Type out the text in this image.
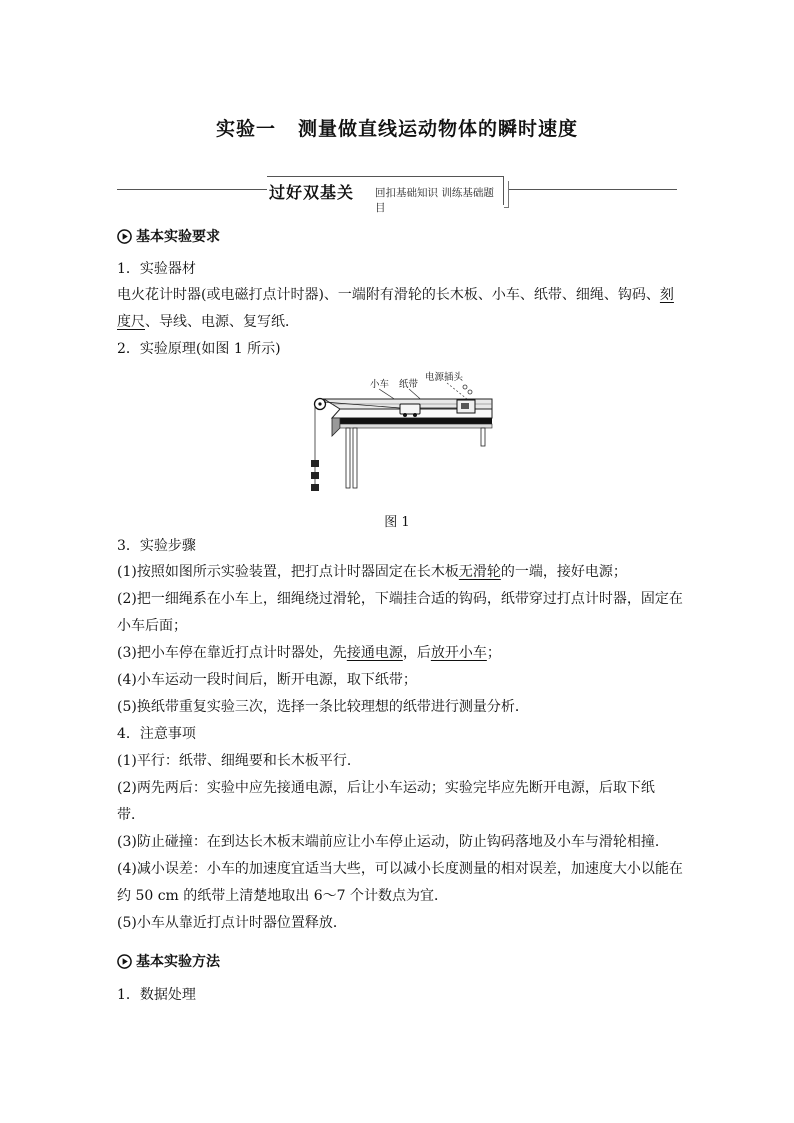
实验一 测量做直线运动物体的瞬时速度
过好双基关 回扣基础知识 训练基础题目
基本实验要求
1．实验器材
电火花计时器(或电磁打点计时器)、一端附有滑轮的长木板、小车、纸带、细绳、钩码、刻
度尺、导线、电源、复写纸．
2．实验原理(如图 1 所示)
小车 纸带
电源插头
图 1
3．实验步骤
(1)按照如图所示实验装置，把打点计时器固定在长木板无滑轮的一端，接好电源；
(2)把一细绳系在小车上，细绳绕过滑轮，下端挂合适的钩码，纸带穿过打点计时器，固定在
小车后面；
(3)把小车停在靠近打点计时器处，先接通电源，后放开小车；
(4)小车运动一段时间后，断开电源，取下纸带；
(5)换纸带重复实验三次，选择一条比较理想的纸带进行测量分析．
4．注意事项
(1)平行：纸带、细绳要和长木板平行．
(2)两先两后：实验中应先接通电源，后让小车运动；实验完毕应先断开电源，后取下纸
带．
(3)防止碰撞：在到达长木板末端前应让小车停止运动，防止钩码落地及小车与滑轮相撞．
(4)减小误差：小车的加速度宜适当大些，可以减小长度测量的相对误差，加速度大小以能在
约 50 cm 的纸带上清楚地取出 6～7 个计数点为宜．
(5)小车从靠近打点计时器位置释放．
基本实验方法
1．数据处理
